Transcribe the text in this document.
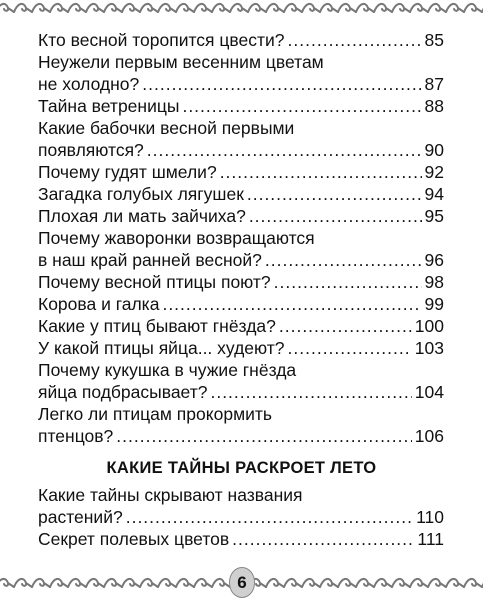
Кто весной торопится цвести? .....	85
Неужели первым весенним цветам
не холодно? .....	87
Тайна ветреницы .....	88
Какие бабочки весной первыми
появляются? .....	90
Почему гудят шмели? .....	92
Загадка голубых лягушек .....	94
Плохая ли мать зайчиха? .....	95
Почему жаворонки возвращаются
в наш край ранней весной? .....	96
Почему весной птицы поют? .....	98
Корова и галка .....	99
Какие у птиц бывают гнёзда? .....	100
У какой птицы яйца... худеют? .....	103
Почему кукушка в чужие гнёзда
яйца подбрасывает? .....	104
Легко ли птицам прокормить
птенцов? .....	106
КАКИЕ ТАЙНЫ РАСКРОЕТ ЛЕТО
Какие тайны скрывают названия
растений? .....	110
Секрет полевых цветов .....	111
6
